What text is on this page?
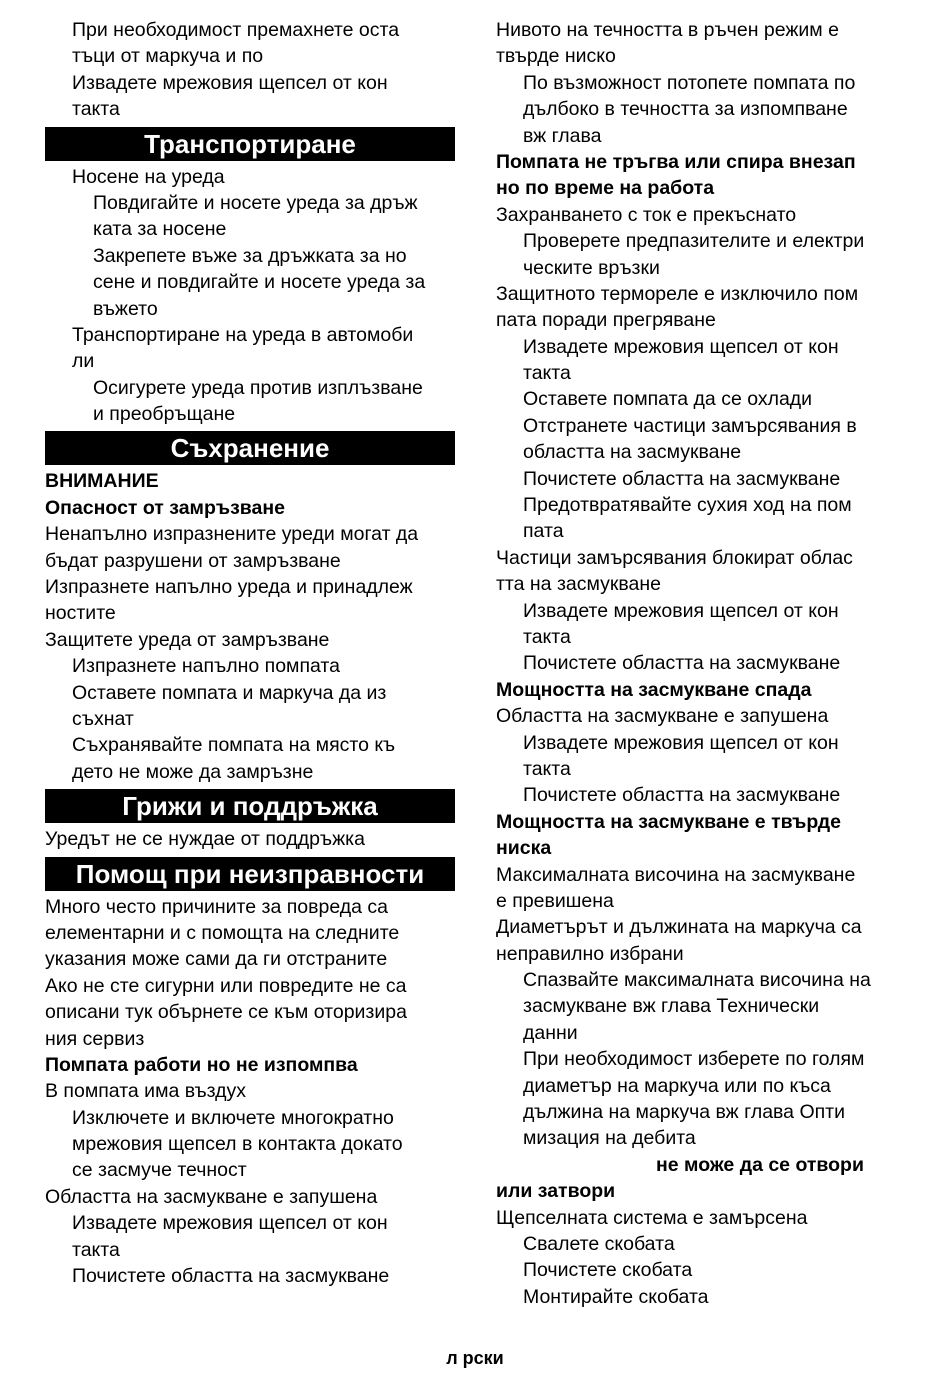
При необходимост премахнете оста
тъци от маркуча и по
Извадете мрежовия щепсел от кон
такта
Транспортиране
Носене на уреда
Повдигайте и носете уреда за дръж
ката за носене
Закрепете въже за дръжката за но
сене и повдигайте и носете уреда за
въжето
Транспортиране на уреда в автомоби
ли
Осигурете уреда против изплъзване
и преобръщане
Съхранение
ВНИМАНИЕ
Опасност от замръзване
Ненапълно изпразнените уреди могат да
бъдат разрушени от замръзване
Изпразнете напълно уреда и принадлеж
ностите
Защитете уреда от замръзване
Изпразнете напълно помпата
Оставете помпата и маркуча да из
съхнат
Съхранявайте помпата на място къ
дето не може да замръзне
Грижи и поддръжка
Уредът не се нуждае от поддръжка
Помощ при неизправности
Много често причините за повреда са
елементарни и с помощта на следните
указания може сами да ги отстраните
Ако не сте сигурни или повредите не са
описани тук обърнете се към оторизира
ния сервиз
Помпата работи но не изпомпва
В помпата има въздух
Изключете и включете многократно
мрежовия щепсел в контакта докато
се засмуче течност
Областта на засмукване е запушена
Извадете мрежовия щепсел от кон
такта
Почистете областта на засмукване
Нивото на течността в ръчен режим е
твърде ниско
По възможност потопете помпата по
дълбоко в течността за изпомпване
вж глава
Помпата не тръгва или спира внезап
но по време на работа
Захранването с ток е прекъснато
Проверете предпазителите и електри
ческите връзки
Защитното термореле е изключило пом
пата поради прегряване
Извадете мрежовия щепсел от кон
такта
Оставете помпата да се охлади
Отстранете частици замърсявания в
областта на засмукване
Почистете областта на засмукване
Предотвратявайте сухия ход на пом
пата
Частици замърсявания блокират облас
тта на засмукване
Извадете мрежовия щепсел от кон
такта
Почистете областта на засмукване
Мощността на засмукване спада
Областта на засмукване е запушена
Извадете мрежовия щепсел от кон
такта
Почистете областта на засмукване
Мощността на засмукване е твърде
ниска
Максималната височина на засмукване
е превишена
Диаметърът и дължината на маркуча са
неправилно избрани
Спазвайте максималната височина на
засмукване вж глава Технически
данни
При необходимост изберете по голям
диаметър на маркуча или по къса
дължина на маркуча вж глава Опти
мизация на дебита
не може да се отвори
или затвори
Щепселната система е замърсена
Свалете скобата
Почистете скобата
Монтирайте скобата
л рски
